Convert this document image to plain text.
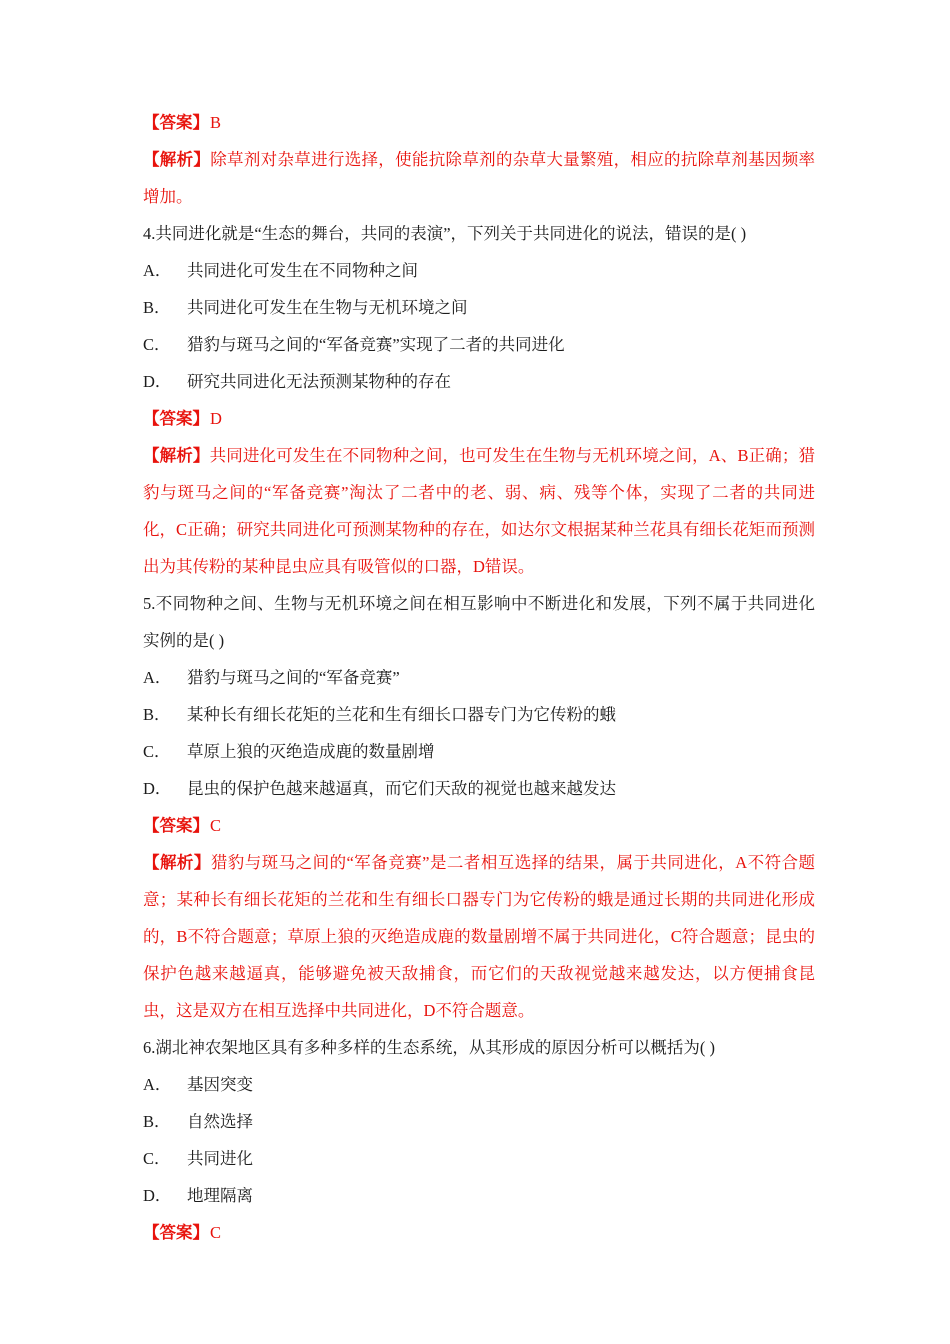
【答案】B

【解析】除草剂对杂草进行选择，使能抗除草剂的杂草大量繁殖，相应的抗除草剂基因频率增加。

4.共同进化就是“生态的舞台，共同的表演”，下列关于共同进化的说法，错误的是( )

A． 共同进化可发生在不同物种之间

B． 共同进化可发生在生物与无机环境之间

C． 猎豹与斑马之间的“军备竞赛”实现了二者的共同进化

D． 研究共同进化无法预测某物种的存在

【答案】D

【解析】共同进化可发生在不同物种之间，也可发生在生物与无机环境之间，A、B正确；猎豹与斑马之间的“军备竞赛”淘汰了二者中的老、弱、病、残等个体，实现了二者的共同进化，C正确；研究共同进化可预测某物种的存在，如达尔文根据某种兰花具有细长花矩而预测出为其传粉的某种昆虫应具有吸管似的口器，D错误。

5.不同物种之间、生物与无机环境之间在相互影响中不断进化和发展，下列不属于共同进化实例的是( )

A． 猎豹与斑马之间的“军备竞赛”

B． 某种长有细长花矩的兰花和生有细长口器专门为它传粉的蛾

C． 草原上狼的灭绝造成鹿的数量剧增

D． 昆虫的保护色越来越逼真，而它们天敌的视觉也越来越发达

【答案】C

【解析】猎豹与斑马之间的“军备竞赛”是二者相互选择的结果，属于共同进化，A不符合题意；某种长有细长花矩的兰花和生有细长口器专门为它传粉的蛾是通过长期的共同进化形成的，B不符合题意；草原上狼的灭绝造成鹿的数量剧增不属于共同进化，C符合题意；昆虫的保护色越来越逼真，能够避免被天敌捕食，而它们的天敌视觉越来越发达，以方便捕食昆虫，这是双方在相互选择中共同进化，D不符合题意。

6.湖北神农架地区具有多种多样的生态系统，从其形成的原因分析可以概括为( )

A． 基因突变

B． 自然选择

C． 共同进化

D． 地理隔离

【答案】C
